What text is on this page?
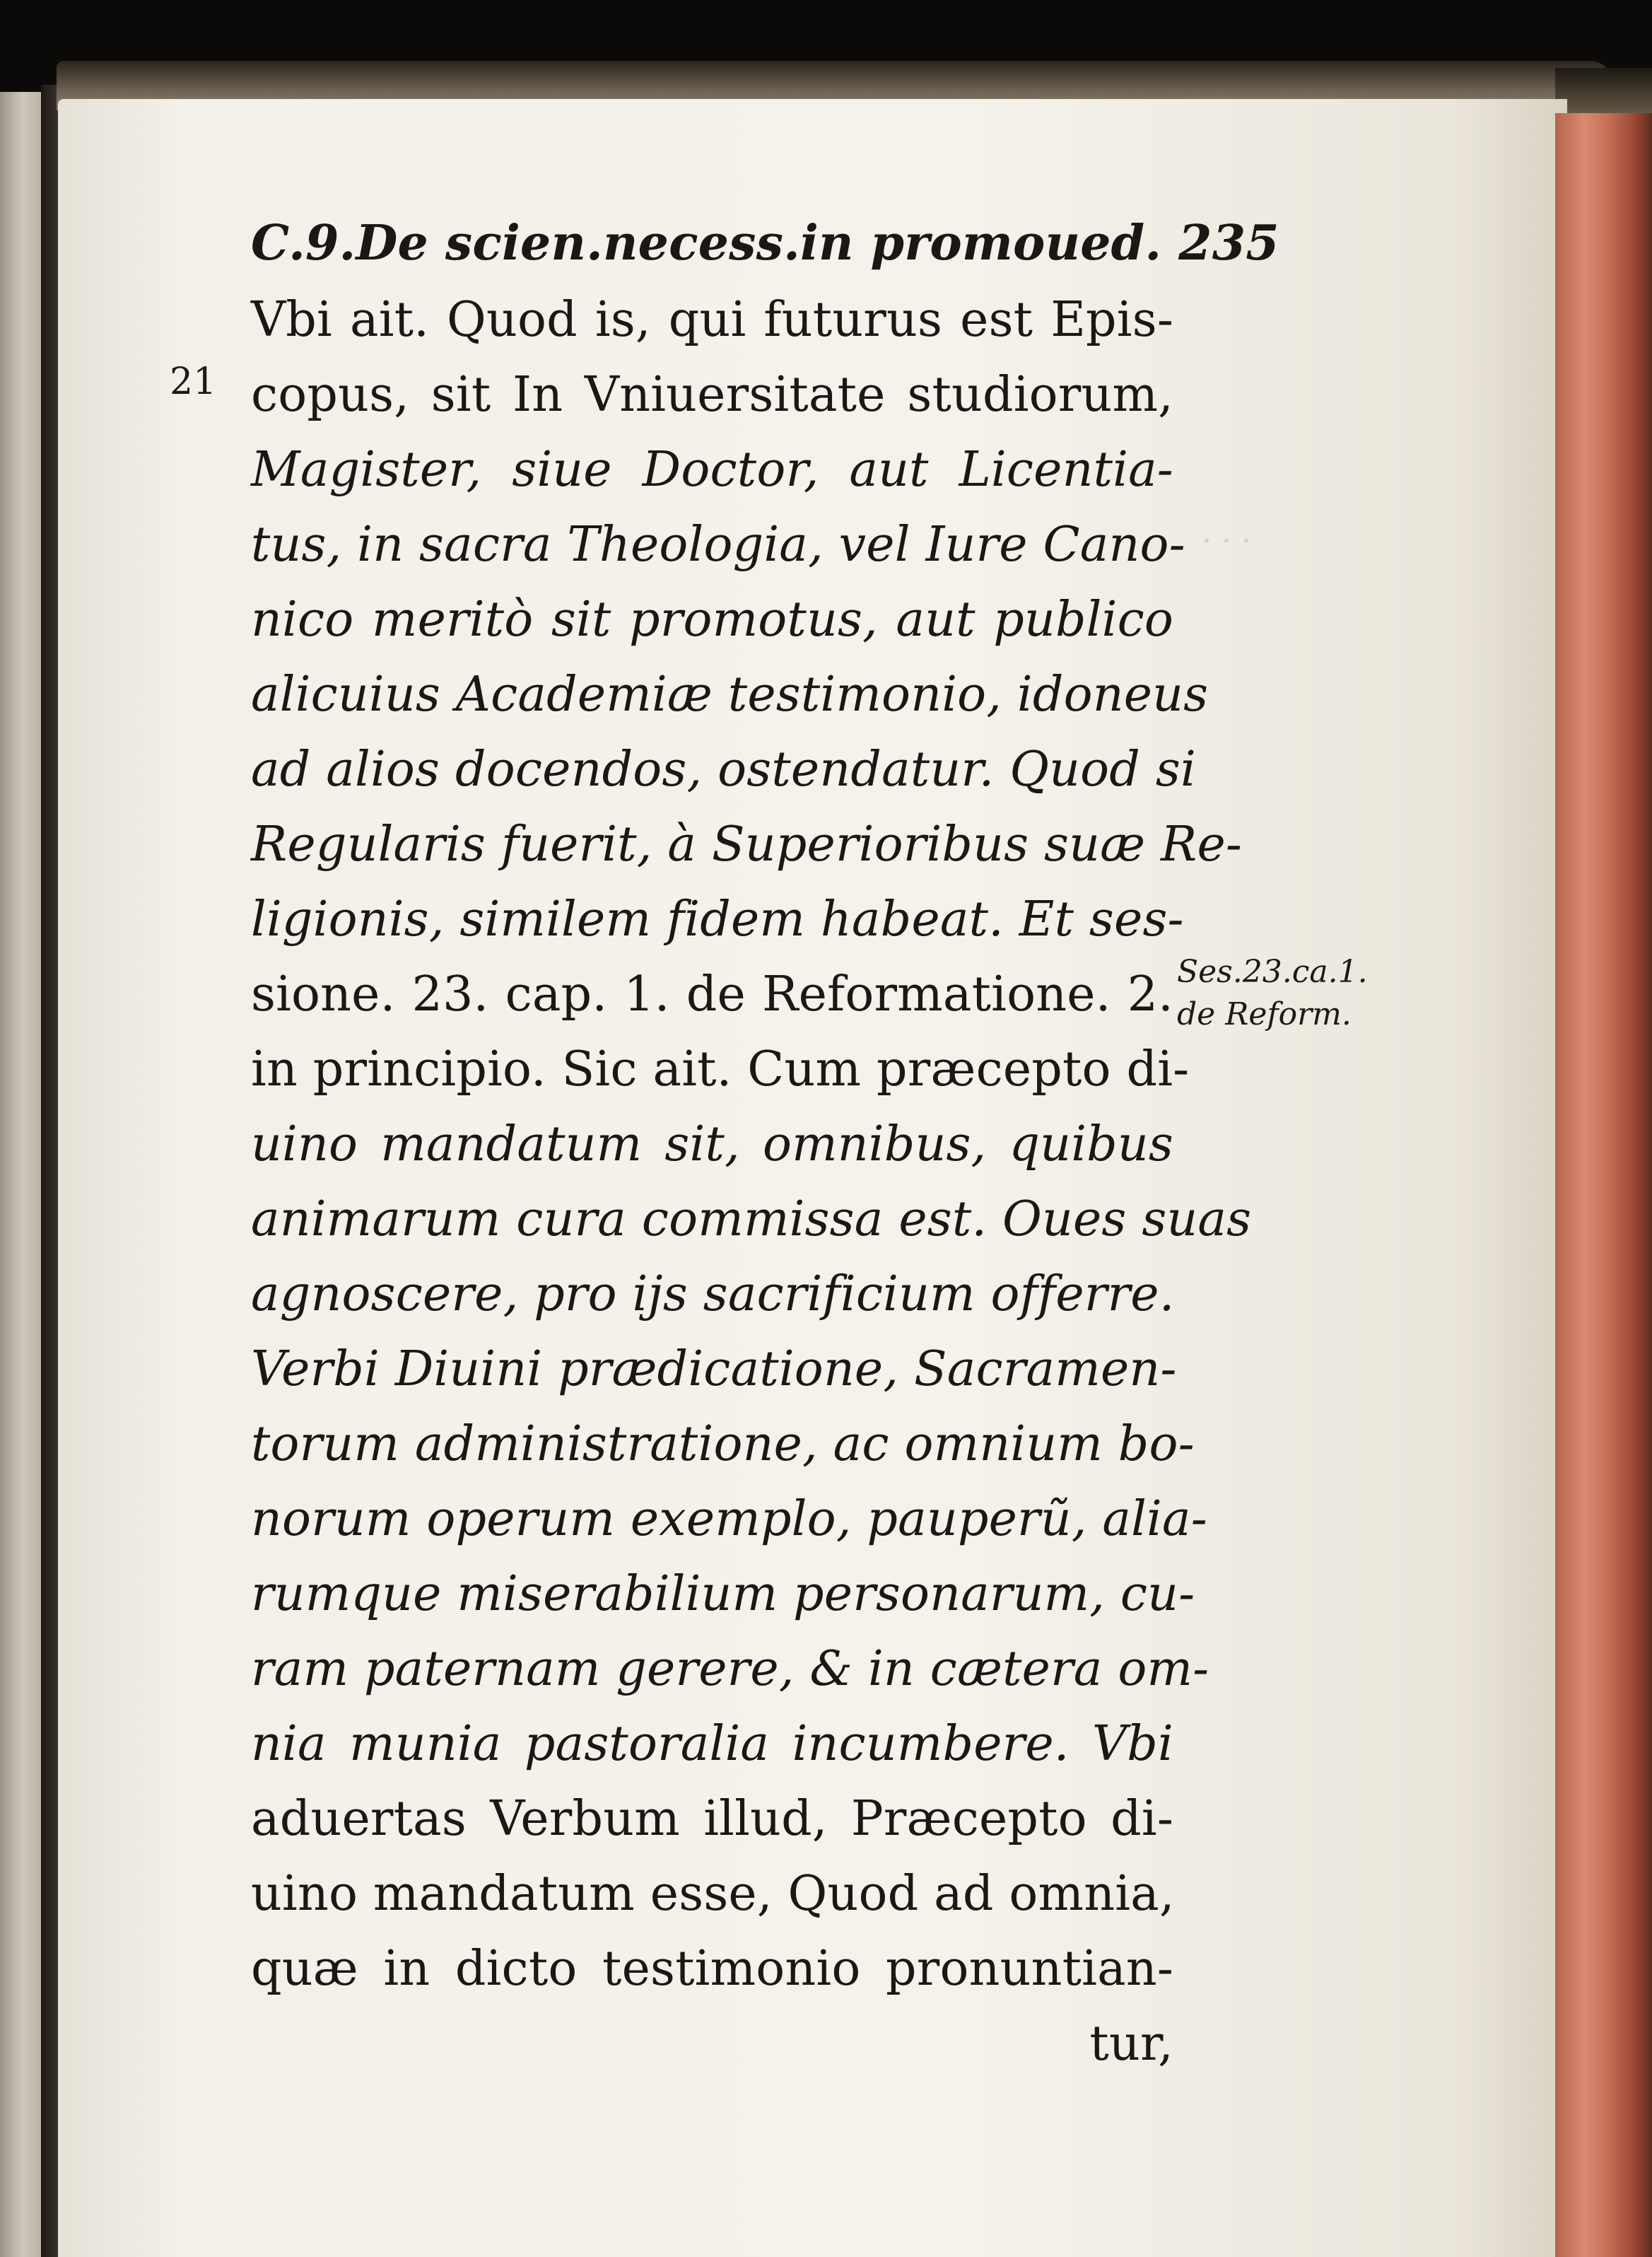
· · ·
21
C.9.De scien.necess.in promoued. 235
Vbi ait. Quod is, qui futurus est Epis-
copus, sit In Vniuersitate studiorum,
Magister, siue Doctor, aut Licentia-
tus, in sacra Theologia, vel Iure Cano-
nico meritò sit promotus, aut publico
alicuius Academiæ testimonio, idoneus
ad alios docendos, ostendatur. Quod si
Regularis fuerit, à Superioribus suæ Re-
ligionis, similem fidem habeat. Et ses-
sione. 23. cap. 1. de Reformatione. 2.
in principio. Sic ait. Cum præcepto di-
uino mandatum sit, omnibus, quibus
animarum cura commissa est. Oues suas
agnoscere, pro ijs sacrificium offerre.
Verbi Diuini prædicatione, Sacramen-
torum administratione, ac omnium bo-
norum operum exemplo, pauperũ, alia-
rumque miserabilium personarum, cu-
ram paternam gerere, & in cætera om-
nia munia pastoralia incumbere. Vbi
aduertas Verbum illud, Præcepto di-
uino mandatum esse, Quod ad omnia,
quæ in dicto testimonio pronuntian-
tur,
Ses.23.ca.1.
de Reform.
